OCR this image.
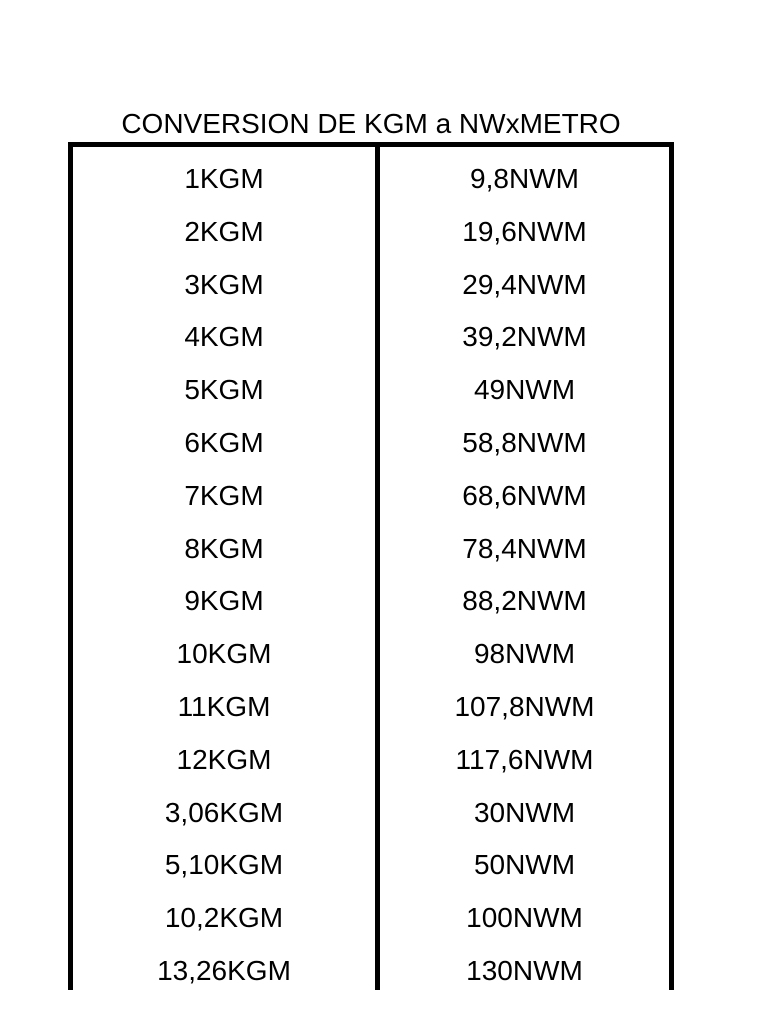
CONVERSION DE KGM a NWxMETRO
1KGM	9,8NWM
2KGM	19,6NWM
3KGM	29,4NWM
4KGM	39,2NWM
5KGM	49NWM
6KGM	58,8NWM
7KGM	68,6NWM
8KGM	78,4NWM
9KGM	88,2NWM
10KGM	98NWM
11KGM	107,8NWM
12KGM	117,6NWM
3,06KGM	30NWM
5,10KGM	50NWM
10,2KGM	100NWM
13,26KGM	130NWM
